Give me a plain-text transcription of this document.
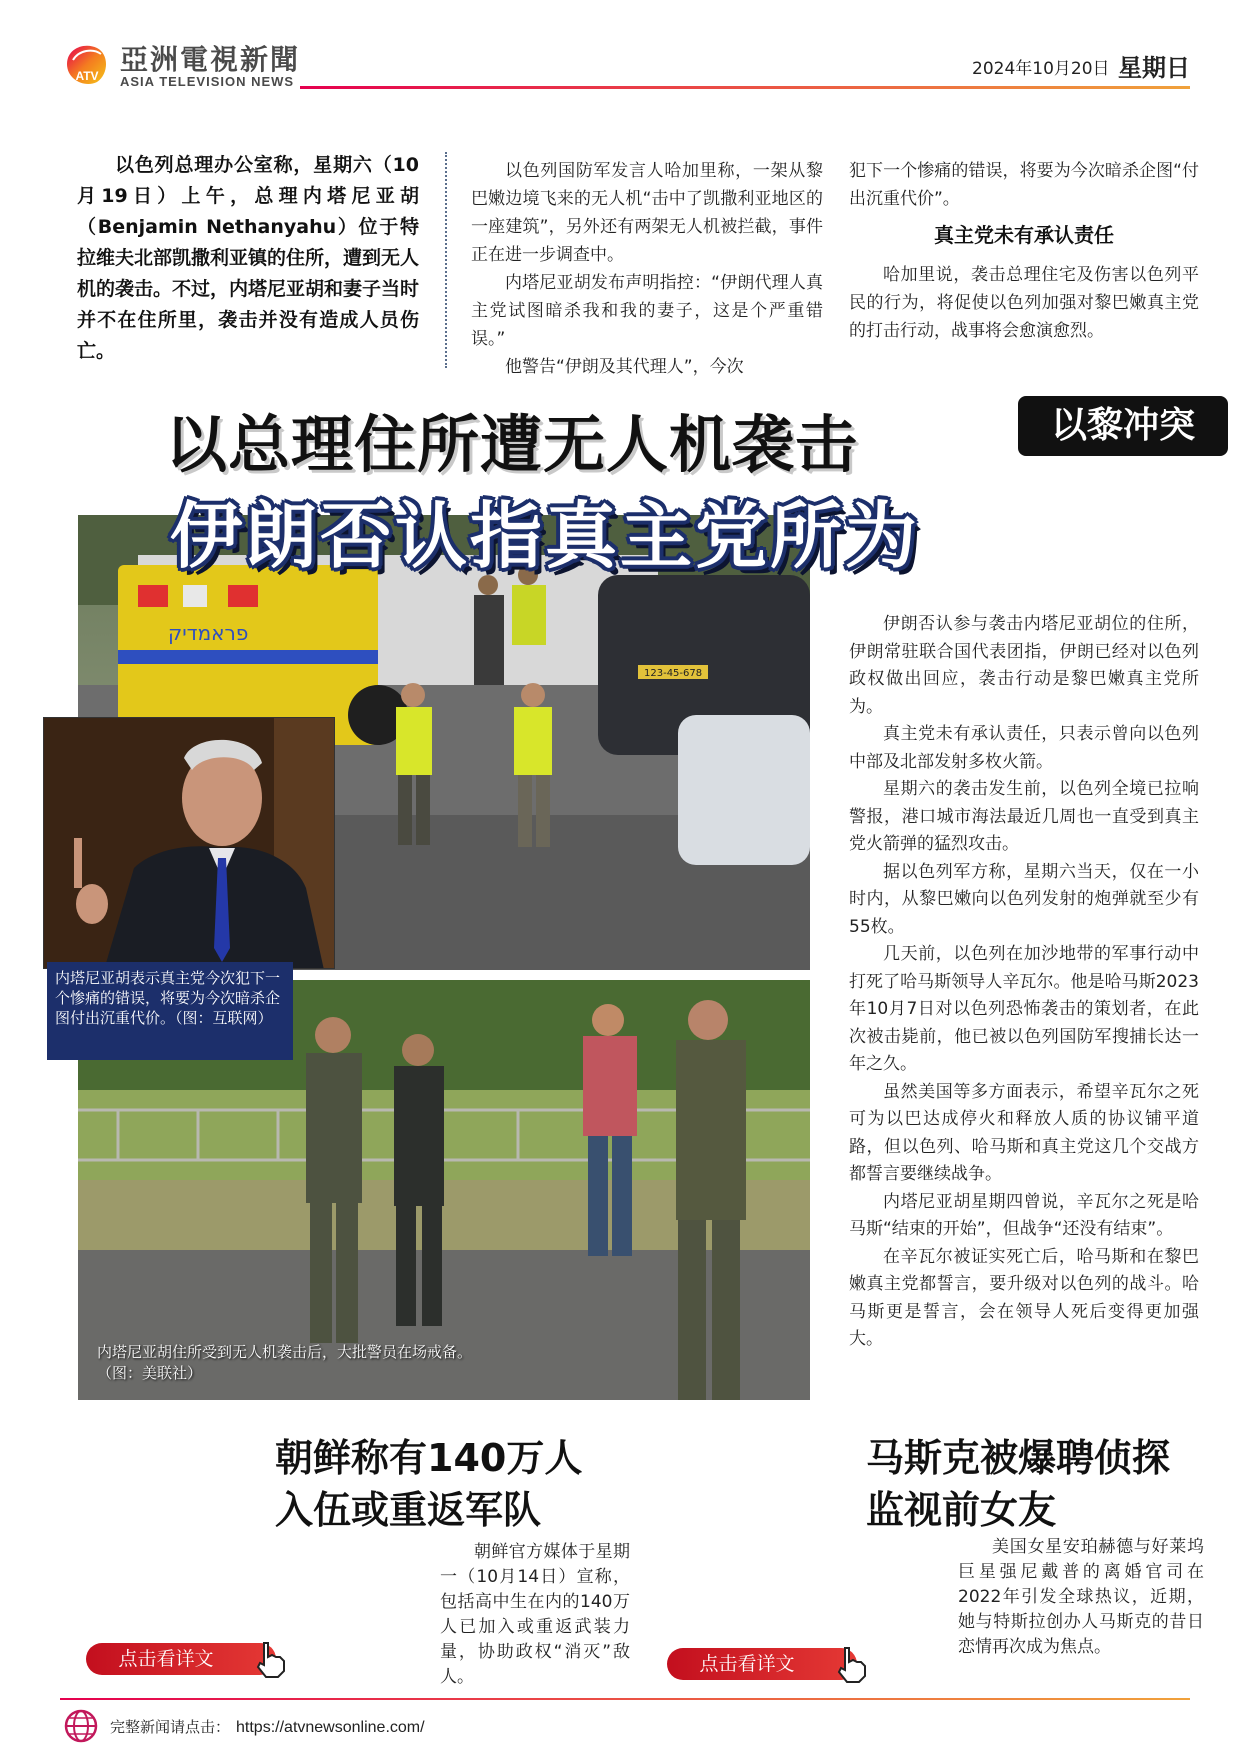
ATV 亞洲電視新聞
ASIA TELEVISION NEWS
2024年10月20日 星期日

以色列总理办公室称，星期六（10月19日）上午，总理内塔尼亚胡（Benjamin Nethanyahu）位于特拉维夫北部凯撒利亚镇的住所，遭到无人机的袭击。不过，内塔尼亚胡和妻子当时并不在住所里，袭击并没有造成人员伤亡。

以色列国防军发言人哈加里称，一架从黎巴嫩边境飞来的无人机“击中了凯撒利亚地区的一座建筑”，另外还有两架无人机被拦截，事件正在进一步调查中。

内塔尼亚胡发布声明指控：“伊朗代理人真主党试图暗杀我和我的妻子，这是个严重错误。”

他警告“伊朗及其代理人”，今次

犯下一个惨痛的错误，将要为今次暗杀企图“付出沉重代价”。

真主党未有承认责任

哈加里说，袭击总理住宅及伤害以色列平民的行为，将促使以色列加强对黎巴嫩真主党的打击行动，战事将会愈演愈烈。

以总理住所遭无人机袭击	以黎冲突
伊朗否认指真主党所为
פראמדיק
123-45-678
内塔尼亚胡表示真主党今次犯下一个惨痛的错误，将要为今次暗杀企图付出沉重代价。（图：互联网）
内塔尼亚胡住所受到无人机袭击后，大批警员在场戒备。（图：美联社）

伊朗否认参与袭击内塔尼亚胡位的住所，伊朗常驻联合国代表团指，伊朗已经对以色列政权做出回应，袭击行动是黎巴嫩真主党所为。

真主党未有承认责任，只表示曾向以色列中部及北部发射多枚火箭。

星期六的袭击发生前，以色列全境已拉响警报，港口城市海法最近几周也一直受到真主党火箭弹的猛烈攻击。

据以色列军方称，星期六当天，仅在一小时内，从黎巴嫩向以色列发射的炮弹就至少有55枚。

几天前，以色列在加沙地带的军事行动中打死了哈马斯领导人辛瓦尔。他是哈马斯2023年10月7日对以色列恐怖袭击的策划者，在此次被击毙前，他已被以色列国防军搜捕长达一年之久。

虽然美国等多方面表示，希望辛瓦尔之死可为以巴达成停火和释放人质的协议铺平道路，但以色列、哈马斯和真主党这几个交战方都誓言要继续战争。

内塔尼亚胡星期四曾说，辛瓦尔之死是哈马斯“结束的开始”，但战争“还没有结束”。

在辛瓦尔被证实死亡后，哈马斯和在黎巴嫩真主党都誓言，要升级对以色列的战斗。哈马斯更是誓言，会在领导人死后变得更加强大。

朝鲜称有140万人
入伍或重返军队

朝鲜官方媒体于星期一（10月14日）宣称，包括高中生在内的140万人已加入或重返武装力量，协助政权“消灭”敌人。

点击看详文
马斯克被爆聘侦探
监视前女友

美国女星安珀赫德与好莱坞巨星强尼戴普的离婚官司在2022年引发全球热议，近期，她与特斯拉创办人马斯克的昔日恋情再次成为焦点。

点击看详文
完整新闻请点击： https://atvnewsonline.com/
